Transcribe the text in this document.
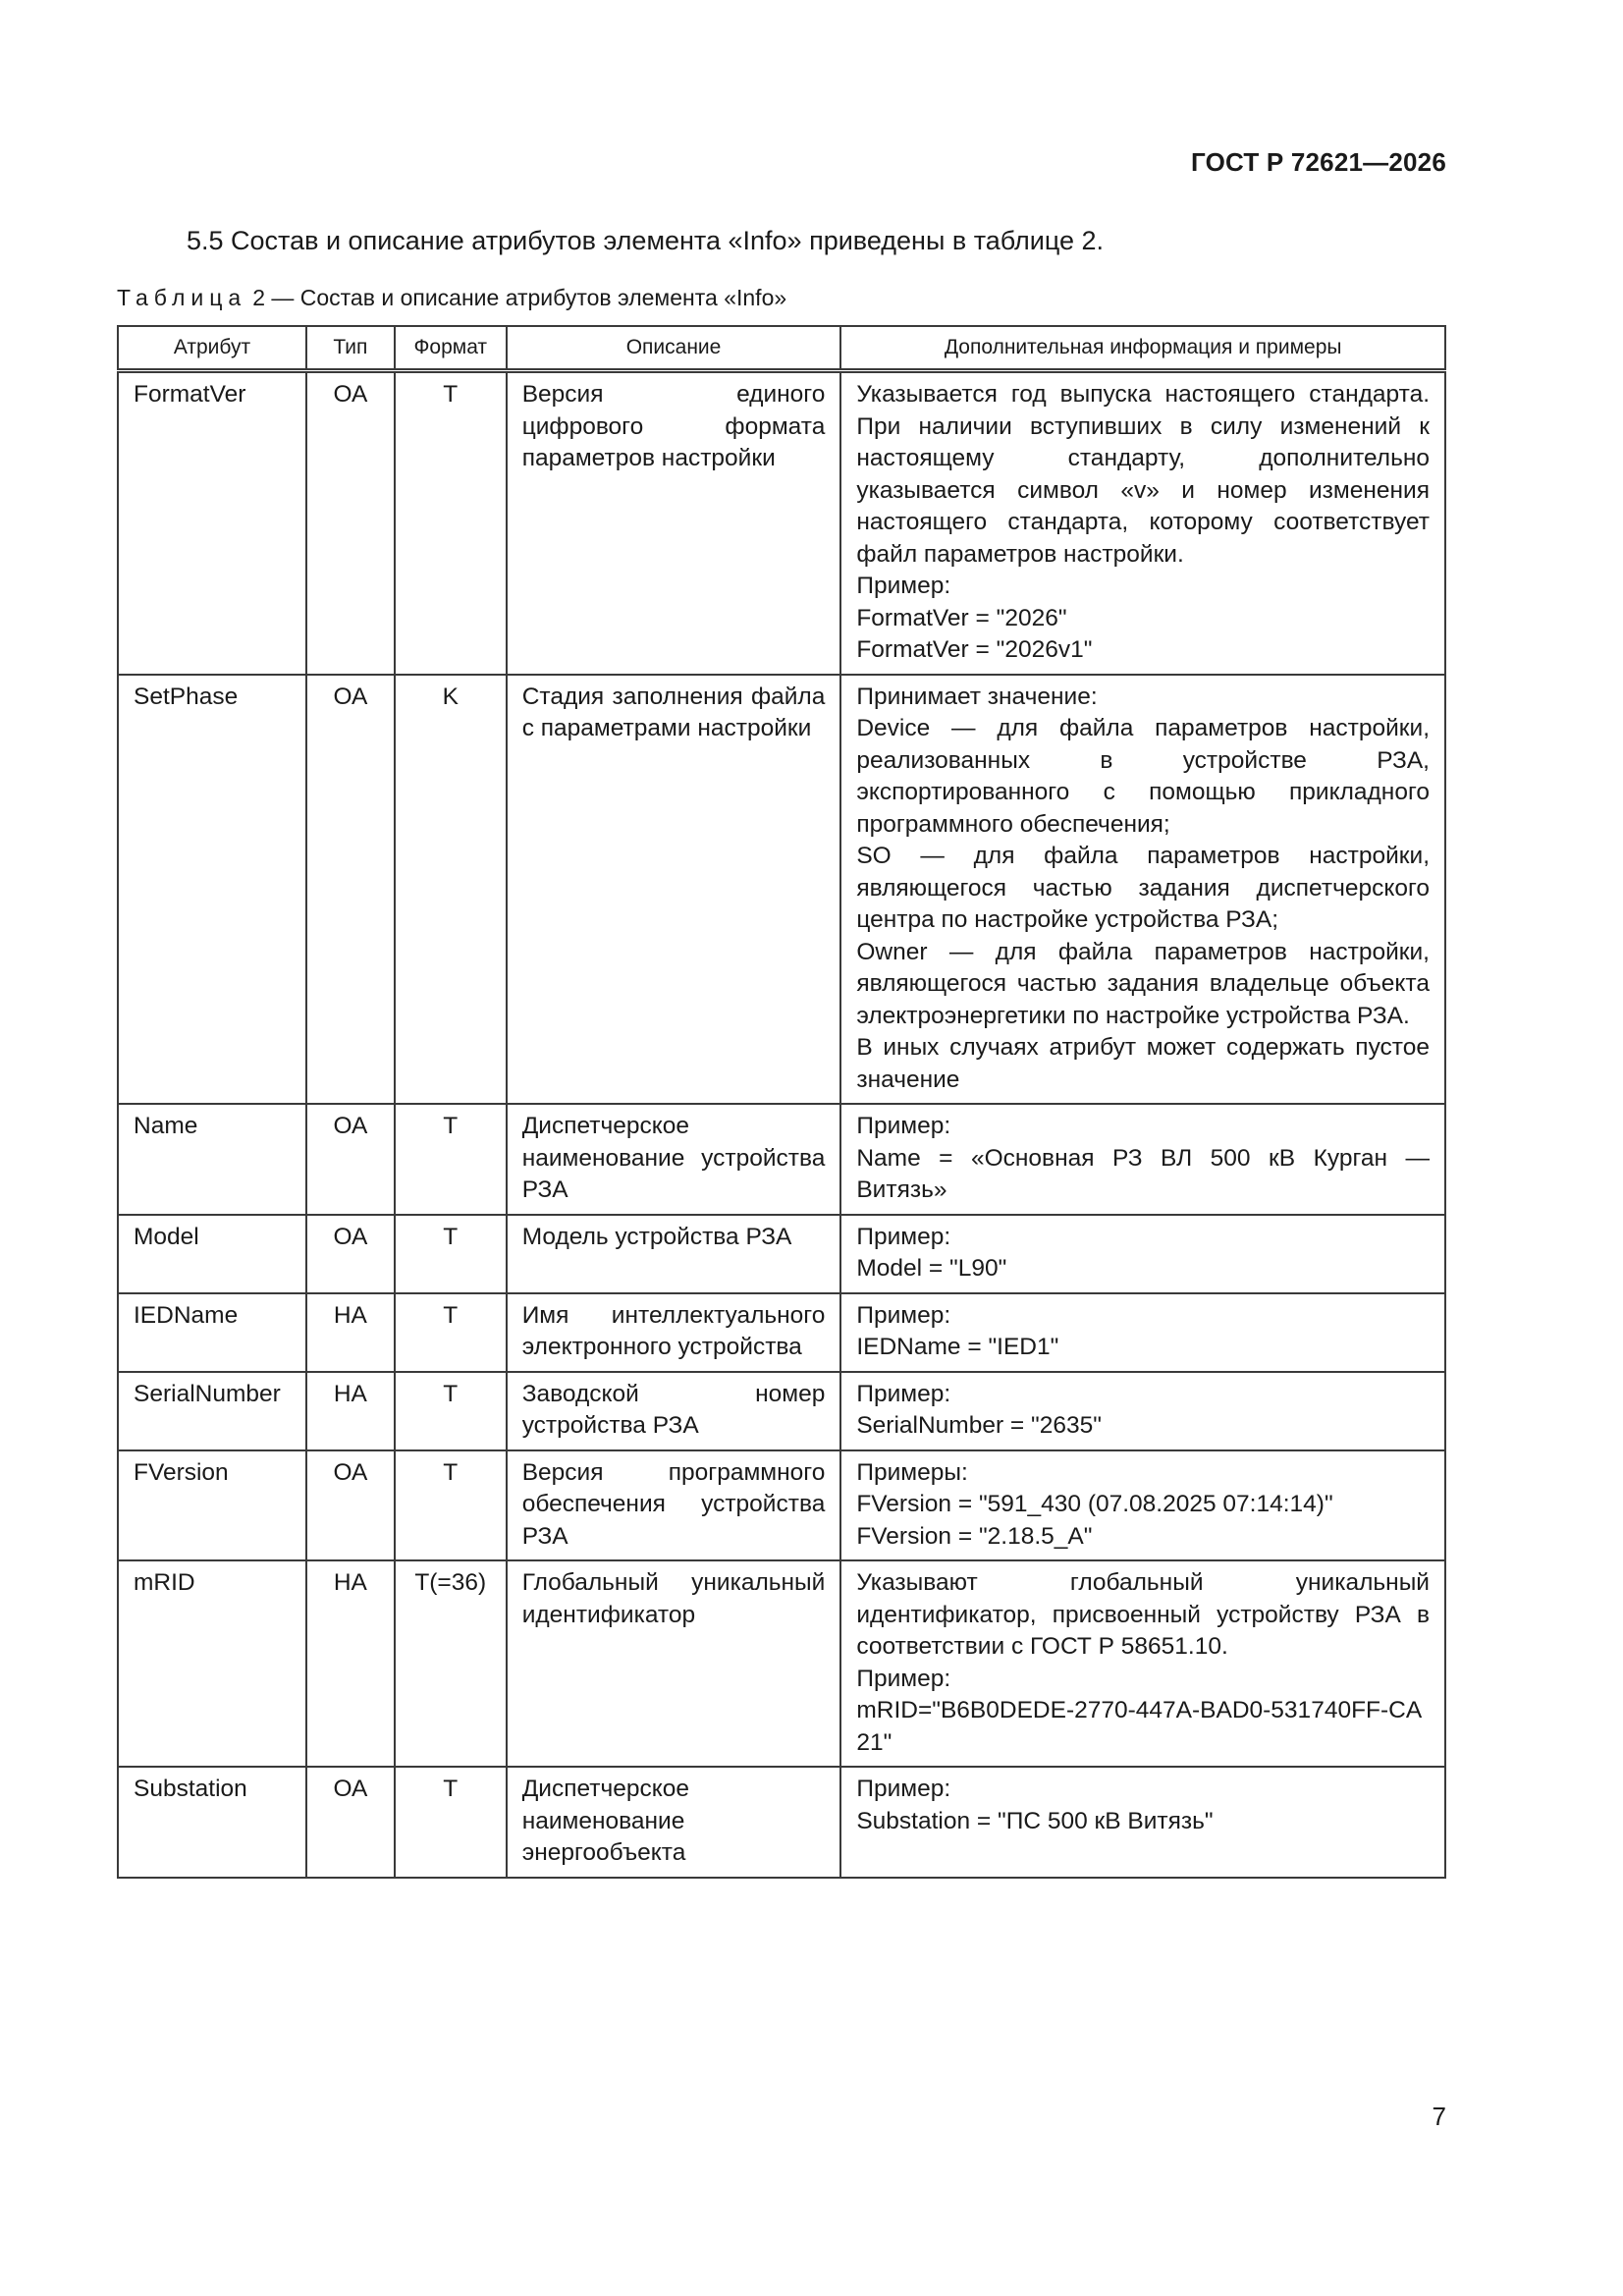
ГОСТ Р 72621—2026
5.5 Состав и описание атрибутов элемента «Info» приведены в таблице 2.
Таблица 2 — Состав и описание атрибутов элемента «Info»
Атрибут	Тип	Формат	Описание	Дополнительная информация и примеры
FormatVer	ОА	Т	Версия единого цифрового формата параметров настройки	Указывается год выпуска настоящего стандарта. При наличии вступивших в силу изменений к настоящему стандарту, дополнительно указывается символ «v» и номер изменения настоящего стандарта, которому соответствует файл параметров настройки.
Пример:
FormatVer = "2026"
FormatVer = "2026v1"

SetPhase	ОА	K	Стадия заполнения файла с параметрами настройки	Принимает значение:
Device — для файла параметров настройки, реализованных в устройстве РЗА, экспортированного с помощью прикладного программного обеспечения;
SO — для файла параметров настройки, являющегося частью задания диспетчерского центра по настройке устройства РЗА;
Owner — для файла параметров настройки, являющегося частью задания владельце объекта электроэнергетики по настройке устройства РЗА.
В иных случаях атрибут может содержать пустое значение

Name	ОА	Т	Диспетчерское наименование устройства РЗА	Пример:
Name = «Основная РЗ ВЛ 500 кВ Курган — Витязь»

Model	ОА	Т	Модель устройства РЗА	Пример:
Model = "L90"

IEDName	НА	Т	Имя интеллектуального электронного устройства	Пример:
IEDName = "IED1"

SerialNumber	НА	Т	Заводской номер устройства РЗА	Пример:
SerialNumber = "2635"

FVersion	ОА	Т	Версия программного обеспечения устройства РЗА	Примеры:
FVersion = "591_430 (07.08.2025 07:14:14)"
FVersion = "2.18.5_A"

mRID	НА	Т(=36)	Глобальный уникальный идентификатор	Указывают глобальный уникальный идентификатор, присвоенный устройству РЗА в соответствии с ГОСТ Р 58651.10.
Пример:
mRID="B6B0DEDE-2770-447A-BAD0-531740FF-CA21"

Substation	ОА	Т	Диспетчерское наименование энергообъекта	Пример:
Substation = "ПС 500 кВ Витязь"
7
